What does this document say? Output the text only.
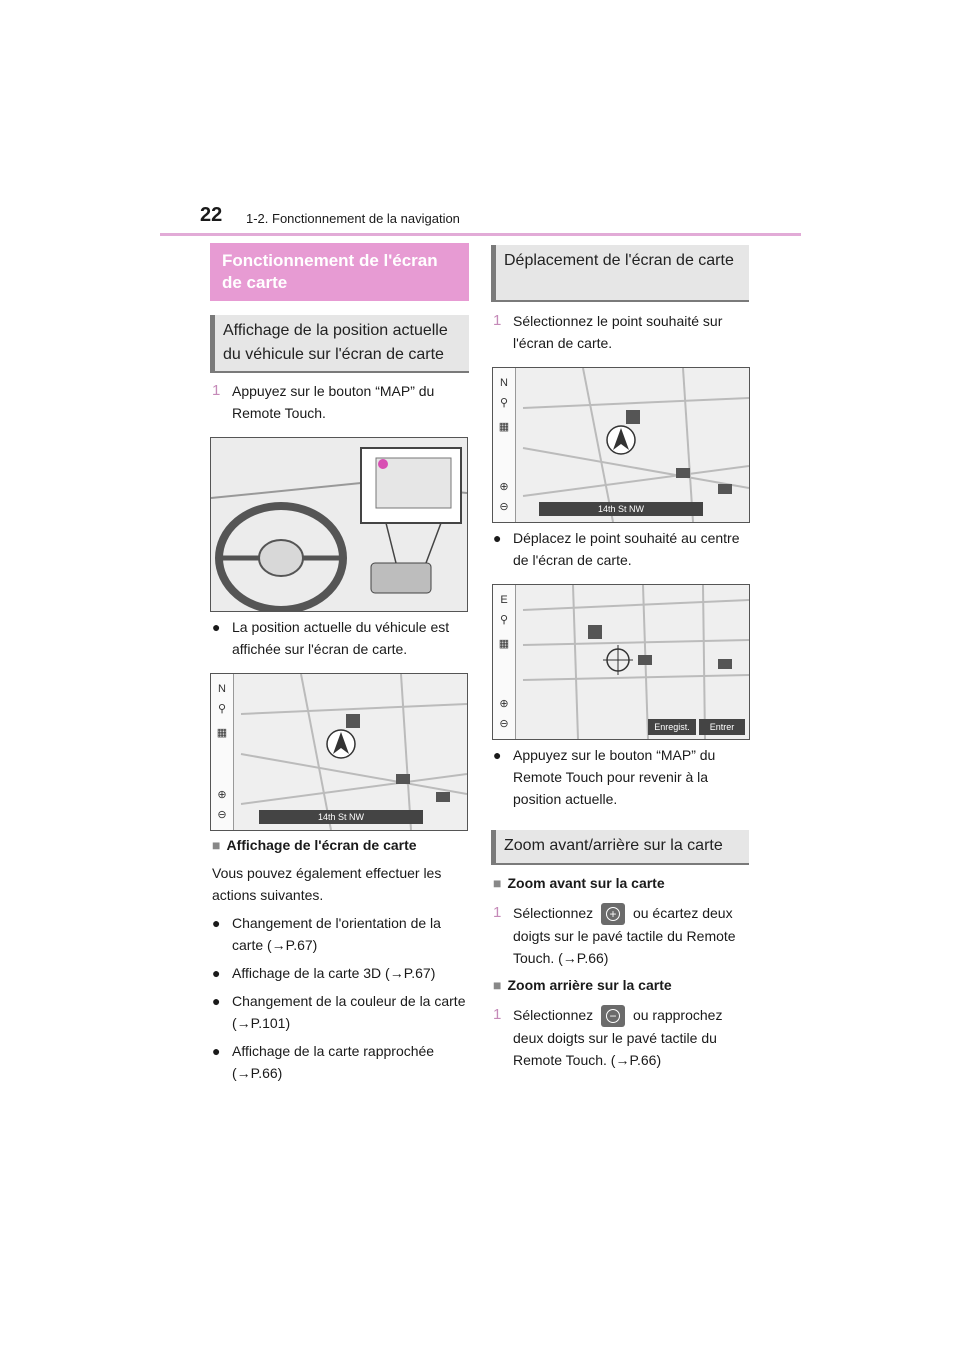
22 1-2. Fonctionnement de la navigation
Fonctionnement de l'écran de carte
Affichage de la position actuelle du véhicule sur l'écran de carte
1 Appuyez sur le bouton “MAP” du Remote Touch.
● La position actuelle du véhicule est affichée sur l'écran de carte.
N
⚲
▦
⊕
⊖	14th St NW
■ Affichage de l'écran de carte
Vous pouvez également effectuer les actions suivantes.
● Changement de l'orientation de la carte (→P.67)
● Affichage de la carte 3D (→P.67)
● Changement de la couleur de la carte (→P.101)
● Affichage de la carte rapprochée (→P.66)
Déplacement de l'écran de carte
1 Sélectionnez le point souhaité sur l'écran de carte.
N
⚲
▦
⊕
⊖	14th St NW
● Déplacez le point souhaité au centre de l'écran de carte.
E
⚲
▦
⊕
⊖	Enregist.	Entrer
● Appuyez sur le bouton “MAP” du Remote Touch pour revenir à la position actuelle.
Zoom avant/arrière sur la carte
■ Zoom avant sur la carte
1 Sélectionnez + ou écartez deux doigts sur le pavé tactile du Remote Touch. (→P.66)
■ Zoom arrière sur la carte
1 Sélectionnez − ou rapprochez deux doigts sur le pavé tactile du Remote Touch. (→P.66)
